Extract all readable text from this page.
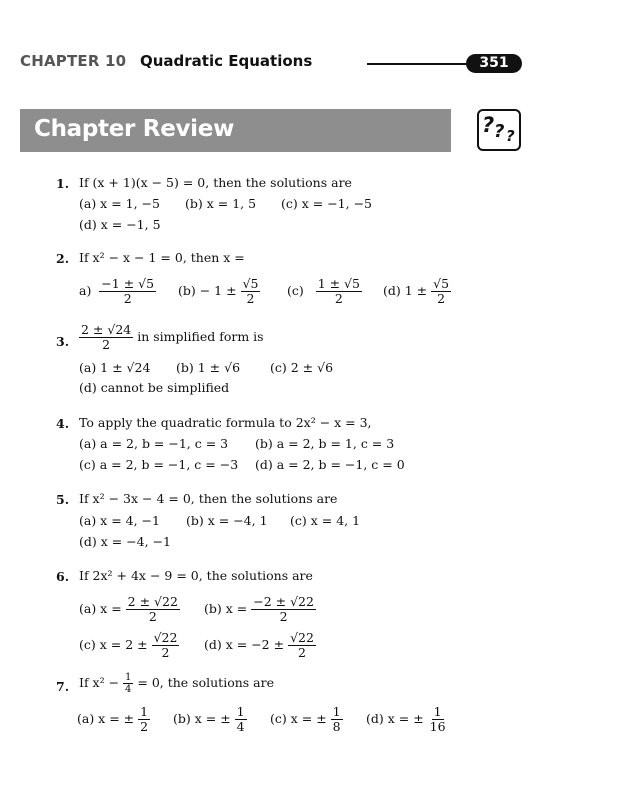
CHAPTER 10 Quadratic Equations	351
Chapter Review	? ? ?
1. If (x + 1)(x − 5) = 0, then the solutions are
(a) x = 1, −5 (b) x = 1, 5 (c) x = −1, −5
(d) x = −1, 5
2. If x² − x − 1 = 0, then x =
$a) \frac{-1 \pm √5}{2} (b) - 1 \pm \frac{√5}{2} (c) \frac{1 \pm √5}{2} (d) 1 \pm \frac{√5}{2}$
3. $\frac{2 \pm √24}{2}$ in simplified form is
(a) 1 ± √24 (b) 1 ± √6 (c) 2 ± √6
(d) cannot be simplified
4. To apply the quadratic formula to 2x² − x = 3,
(a) a = 2, b = −1, c = 3 (b) a = 2, b = 1, c = 3
(c) a = 2, b = −1, c = −3 (d) a = 2, b = −1, c = 0
5. If x² − 3x − 4 = 0, then the solutions are
(a) x = 4, −1 (b) x = −4, 1 (c) x = 4, 1
(d) x = −4, −1
6. If 2x² + 4x − 9 = 0, the solutions are
(a) $x = \frac{2 \pm √22}{2} (b) x = \frac{-2 \pm √22}{2}$
(c) $x = 2 \pm \frac{√22}{2} (d) x = -2 \pm \frac{√22}{2}$
7. If $x^2 - \frac{1}{4} = 0$, the solutions are
(a) x = ± $\frac{1}{2} (b) x$ = ± $\frac{1}{4} (c) x$ = ± $\frac{1}{8} (d) x$ = ± $\frac{1}{16}$
